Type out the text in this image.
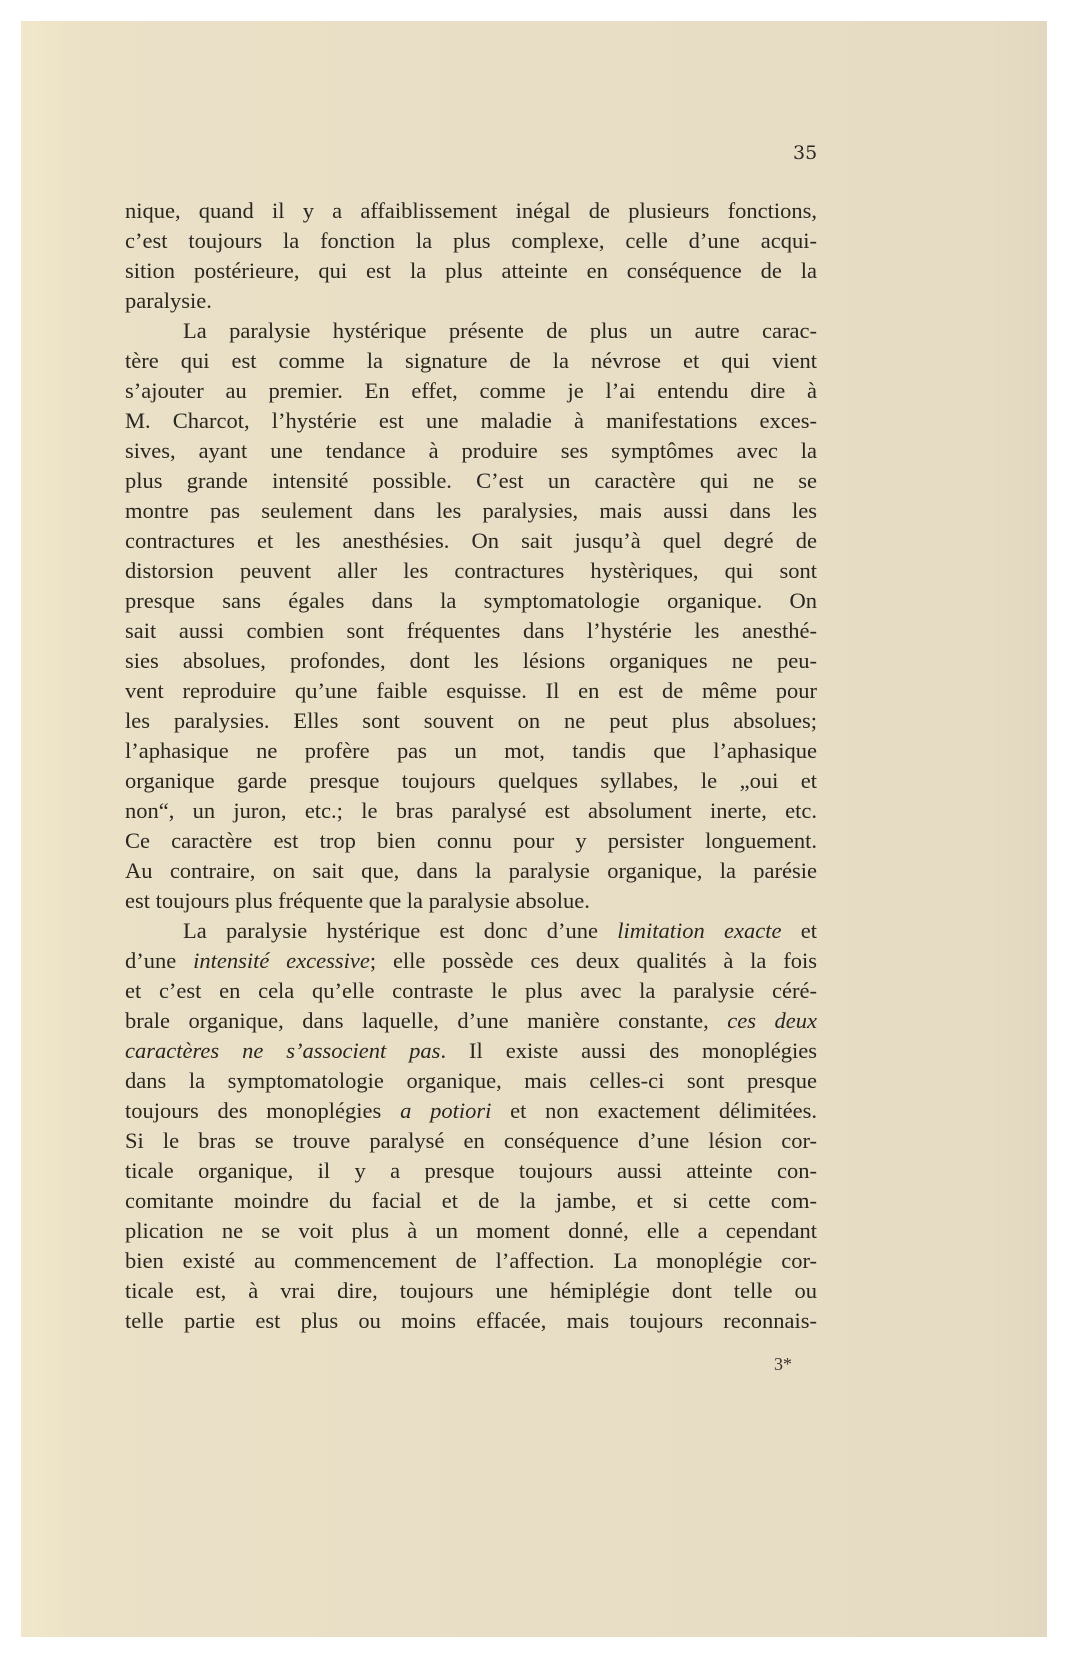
35
nique, quand il y a affaiblissement inégal de plusieurs fonctions,
c’est toujours la fonction la plus complexe, celle d’une acqui-
sition postérieure, qui est la plus atteinte en conséquence de la
paralysie.
La paralysie hystérique présente de plus un autre carac-
tère qui est comme la signature de la névrose et qui vient
s’ajouter au premier. En effet, comme je l’ai entendu dire à
M. Charcot, l’hystérie est une maladie à manifestations exces-
sives, ayant une tendance à produire ses symptômes avec la
plus grande intensité possible. C’est un caractère qui ne se
montre pas seulement dans les paralysies, mais aussi dans les
contractures et les anesthésies. On sait jusqu’à quel degré de
distorsion peuvent aller les contractures hystèriques, qui sont
presque sans égales dans la symptomatologie organique. On
sait aussi combien sont fréquentes dans l’hystérie les anesthé-
sies absolues, profondes, dont les lésions organiques ne peu-
vent reproduire qu’une faible esquisse. Il en est de même pour
les paralysies. Elles sont souvent on ne peut plus absolues;
l’aphasique ne profère pas un mot, tandis que l’aphasique
organique garde presque toujours quelques syllabes, le „oui et
non“, un juron, etc.; le bras paralysé est absolument inerte, etc.
Ce caractère est trop bien connu pour y persister longuement.
Au contraire, on sait que, dans la paralysie organique, la parésie
est toujours plus fréquente que la paralysie absolue.
La paralysie hystérique est donc d’une limitation exacte et
d’une intensité excessive; elle possède ces deux qualités à la fois
et c’est en cela qu’elle contraste le plus avec la paralysie céré-
brale organique, dans laquelle, d’une manière constante, ces deux
caractères ne s’associent pas. Il existe aussi des monoplégies
dans la symptomatologie organique, mais celles-ci sont presque
toujours des monoplégies a potiori et non exactement délimitées.
Si le bras se trouve paralysé en conséquence d’une lésion cor-
ticale organique, il y a presque toujours aussi atteinte con-
comitante moindre du facial et de la jambe, et si cette com-
plication ne se voit plus à un moment donné, elle a cependant
bien existé au commencement de l’affection. La monoplégie cor-
ticale est, à vrai dire, toujours une hémiplégie dont telle ou
telle partie est plus ou moins effacée, mais toujours reconnais-
3*
